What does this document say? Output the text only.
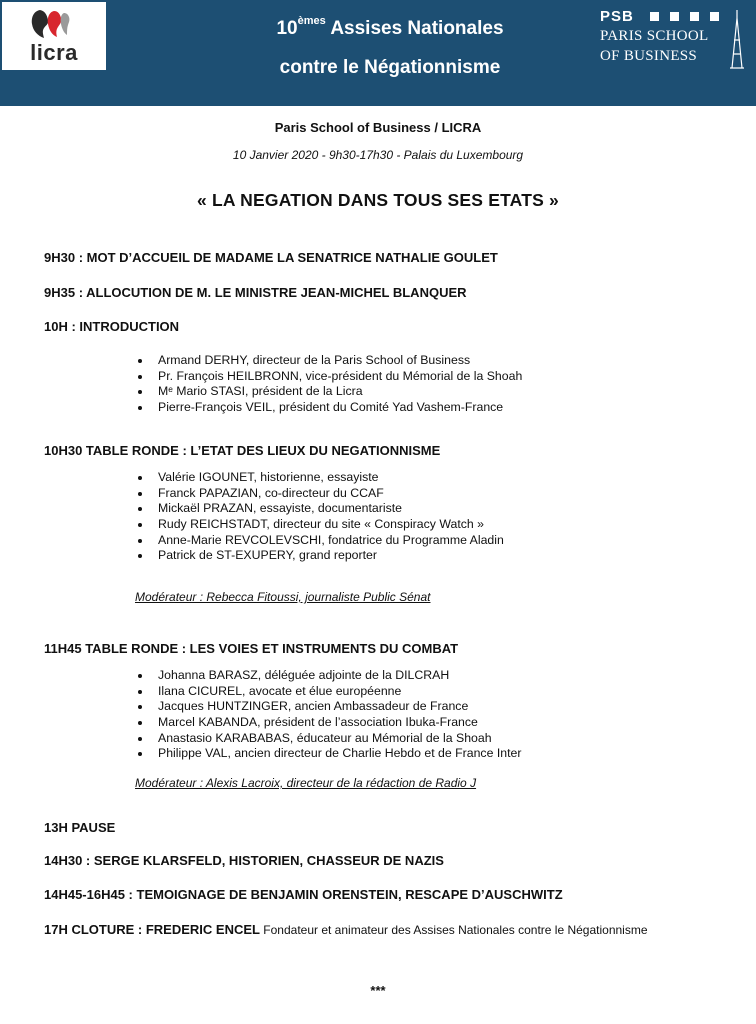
licra
10èmes Assises Nationales
contre le Négationnisme
PSB
PARIS SCHOOL
OF BUSINESS
Paris School of Business / LICRA
10 Janvier 2020 - 9h30-17h30 - Palais du Luxembourg
« LA NEGATION DANS TOUS SES ETATS »
9H30 : MOT D’ACCUEIL DE MADAME LA SENATRICE NATHALIE GOULET
9H35 : ALLOCUTION DE M. LE MINISTRE JEAN-MICHEL BLANQUER
10H : INTRODUCTION
Armand DERHY, directeur de la Paris School of Business
Pr. François HEILBRONN, vice-président du Mémorial de la Shoah
Mᵉ Mario STASI, président de la Licra
Pierre-François VEIL, président du Comité Yad Vashem-France
10H30 TABLE RONDE : L’ETAT DES LIEUX DU NEGATIONNISME
Valérie IGOUNET, historienne, essayiste
Franck PAPAZIAN, co-directeur du CCAF
Mickaël PRAZAN, essayiste, documentariste
Rudy REICHSTADT, directeur du site « Conspiracy Watch »
Anne-Marie REVCOLEVSCHI, fondatrice du Programme Aladin
Patrick de ST-EXUPERY, grand reporter
Modérateur : Rebecca Fitoussi, journaliste Public Sénat
11H45 TABLE RONDE : LES VOIES ET INSTRUMENTS DU COMBAT
Johanna BARASZ, déléguée adjointe de la DILCRAH
Ilana CICUREL, avocate et élue européenne
Jacques HUNTZINGER, ancien Ambassadeur de France
Marcel KABANDA, président de l’association Ibuka-France
Anastasio KARABABAS, éducateur au Mémorial de la Shoah
Philippe VAL, ancien directeur de Charlie Hebdo et de France Inter
Modérateur : Alexis Lacroix, directeur de la rédaction de Radio J
13H PAUSE
14H30 : SERGE KLARSFELD, HISTORIEN, CHASSEUR DE NAZIS
14H45-16H45 : TEMOIGNAGE DE BENJAMIN ORENSTEIN, RESCAPE D’AUSCHWITZ
17H CLOTURE : FREDERIC ENCEL Fondateur et animateur des Assises Nationales contre le Négationnisme
***
